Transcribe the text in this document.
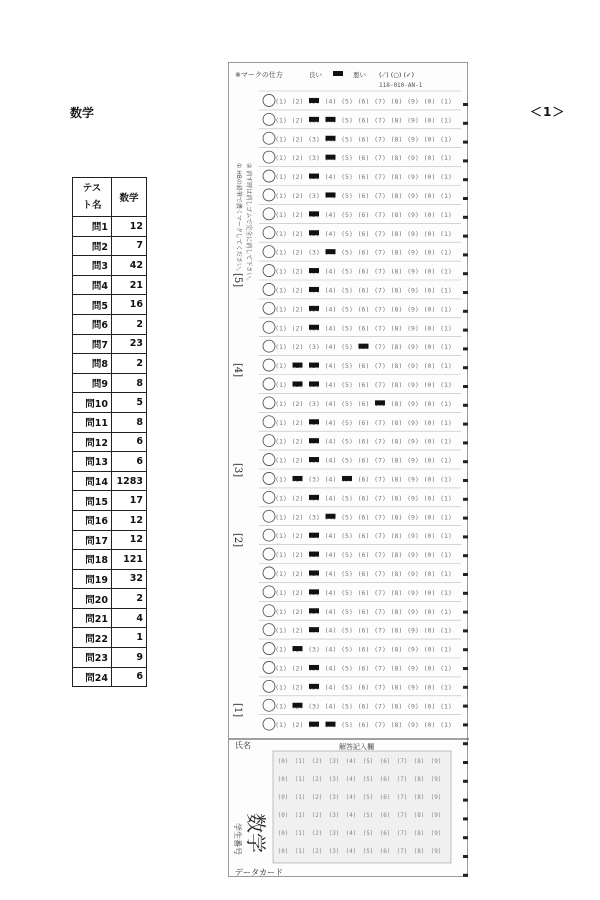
数学	＜1＞
テスト名	数学
問1	12
問2	7
問3	42
問4	21
問5	16
問6	2
問7	23
問8	2
問9	8
問10	5
問11	8
問12	6
問13	6
問14	1283
問15	17
問16	12
問17	12
問18	121
問19	32
問20	2
問21	4
問22	1
問23	9
問24	6
(1) (2)	(4) (5) (6) (7) (8) (9) (0) (1)
(1) (2)	(5) (6) (7) (8) (9) (0) (1)
(1) (2) (3)	(5) (6) (7) (8) (9) (0) (1)
(1) (2) (3)	(5) (6) (7) (8) (9) (0) (1)
(1) (2)	(4) (5) (6) (7) (8) (9) (0) (1)
(1) (2) (3)	(5) (6) (7) (8) (9) (0) (1)
(1) (2)	(4) (5) (6) (7) (8) (9) (0) (1)
(1) (2)	(4) (5) (6) (7) (8) (9) (0) (1)
(1) (2) (3)	(5) (6) (7) (8) (9) (0) (1)
(1) (2)	(4) (5) (6) (7) (8) (9) (0) (1)
(1) (2)	(4) (5) (6) (7) (8) (9) (0) (1)
(1) (2)	(4) (5) (6) (7) (8) (9) (0) (1)
(1) (2)	(4) (5) (6) (7) (8) (9) (0) (1)
(1) (2) (3) (4) (5)	(7) (8) (9) (0) (1)
(1)	(4) (5) (6) (7) (8) (9) (0) (1)
(1)	(4) (5) (6) (7) (8) (9) (0) (1)
(1) (2) (3) (4) (5) (6)	(8) (9) (0) (1)
(1) (2)	(4) (5) (6) (7) (8) (9) (0) (1)
(1) (2)	(4) (5) (6) (7) (8) (9) (0) (1)
(1) (2)	(4) (5) (6) (7) (8) (9) (0) (1)
(1)	(3) (4)	(6) (7) (8) (9) (0) (1)
(1) (2)	(4) (5) (6) (7) (8) (9) (0) (1)
(1) (2) (3)	(5) (6) (7) (8) (9) (0) (1)
(1) (2)	(4) (5) (6) (7) (8) (9) (0) (1)
(1) (2)	(4) (5) (6) (7) (8) (9) (0) (1)
(1) (2)	(4) (5) (6) (7) (8) (9) (0) (1)
(1) (2)	(4) (5) (6) (7) (8) (9) (0) (1)
(1) (2)	(4) (5) (6) (7) (8) (9) (0) (1)
(1) (2)	(4) (5) (6) (7) (8) (9) (0) (1)
(1)	(3) (4) (5) (6) (7) (8) (9) (0) (1)
(1) (2)	(4) (5) (6) (7) (8) (9) (0) (1)
(1) (2)	(4) (5) (6) (7) (8) (9) (0) (1)
(1)	(3) (4) (5) (6) (7) (8) (9) (0) (1)
(1) (2)	(5) (6) (7) (8) (9) (0) (1)
※マークの仕方	良い	悪い (⟋) (○) (✓)
118-010-AN-1
① HBの鉛筆で濃くマークしてください。 ② 消す時は消しゴムで完全に消して下さい。
[1]
[2]
[3]
[4]
[5]
氏名	解答記入欄
学生番号 数学
(0) (1) (2) (3) (4) (5) (6) (7) (8) (9)
(0) (1) (2) (3) (4) (5) (6) (7) (8) (9)
(0) (1) (2) (3) (4) (5) (6) (7) (8) (9)
(0) (1) (2) (3) (4) (5) (6) (7) (8) (9)
(0) (1) (2) (3) (4) (5) (6) (7) (8) (9)
(0) (1) (2) (3) (4) (5) (6) (7) (8) (9)
データカード
